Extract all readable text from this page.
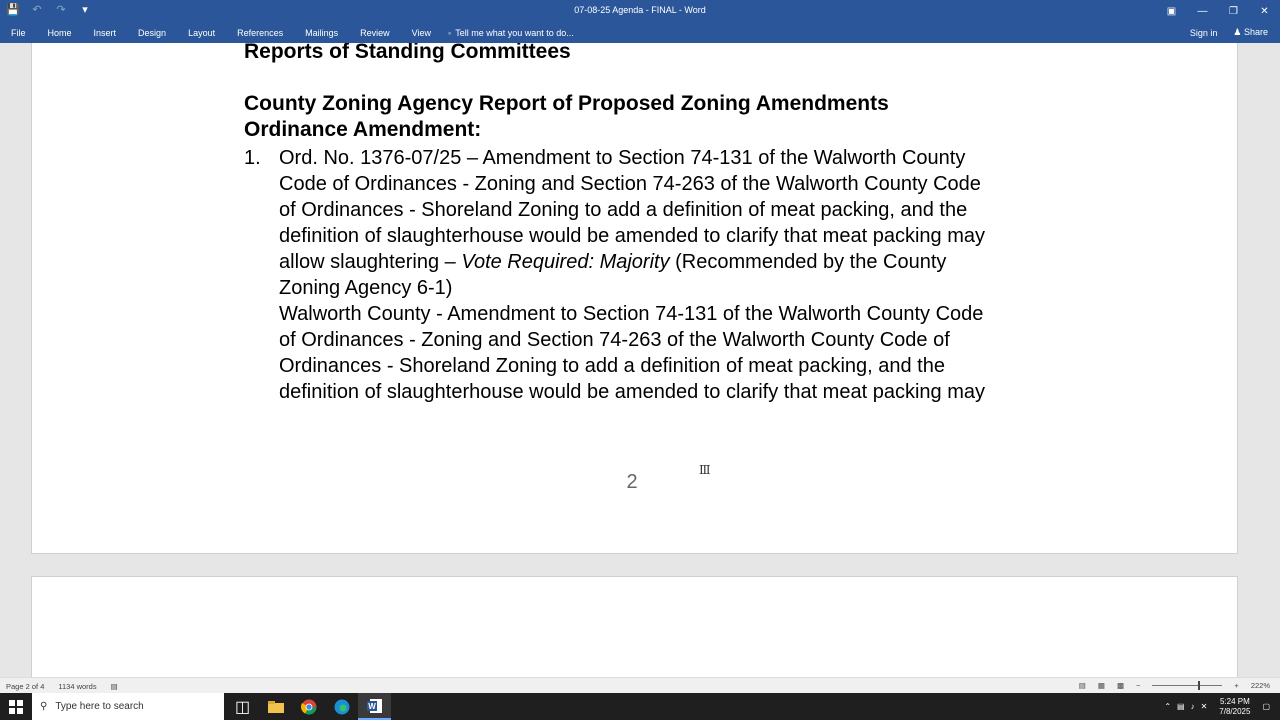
💾 ↶ ↷	▾	07-08-25 Agenda - FINAL - Word	▣	—	❐	✕
File	Home	Insert	Design	Layout	References	Mailings	Review	View	◦ Tell me what you want to do...	Sign in ♟ Share
Reports of Standing Committees
County Zoning Agency Report of Proposed Zoning Amendments
Ordinance Amendment:
1. Ord. No. 1376-07/25 – Amendment to Section 74-131 of the Walworth County

Code of Ordinances - Zoning and Section 74-263 of the Walworth County Code

of Ordinances - Shoreland Zoning to add a definition of meat packing, and the

definition of slaughterhouse would be amended to clarify that meat packing may

allow slaughtering – Vote Required: Majority (Recommended by the County

Zoning Agency 6-1)

Walworth County - Amendment to Section 74-131 of the Walworth County Code

of Ordinances - Zoning and Section 74-263 of the Walworth County Code of

Ordinances - Shoreland Zoning to add a definition of meat packing, and the

definition of slaughterhouse would be amended to clarify that meat packing may

Ⅲ
2
Page 2 of 4 1134 words ▤	▤ ▦ ▩ −	+ 222%
⚲ Type here to search	◫	W	⌃ ▤ ♪ ✕
5:24 PM
7/8/2025 ▢
